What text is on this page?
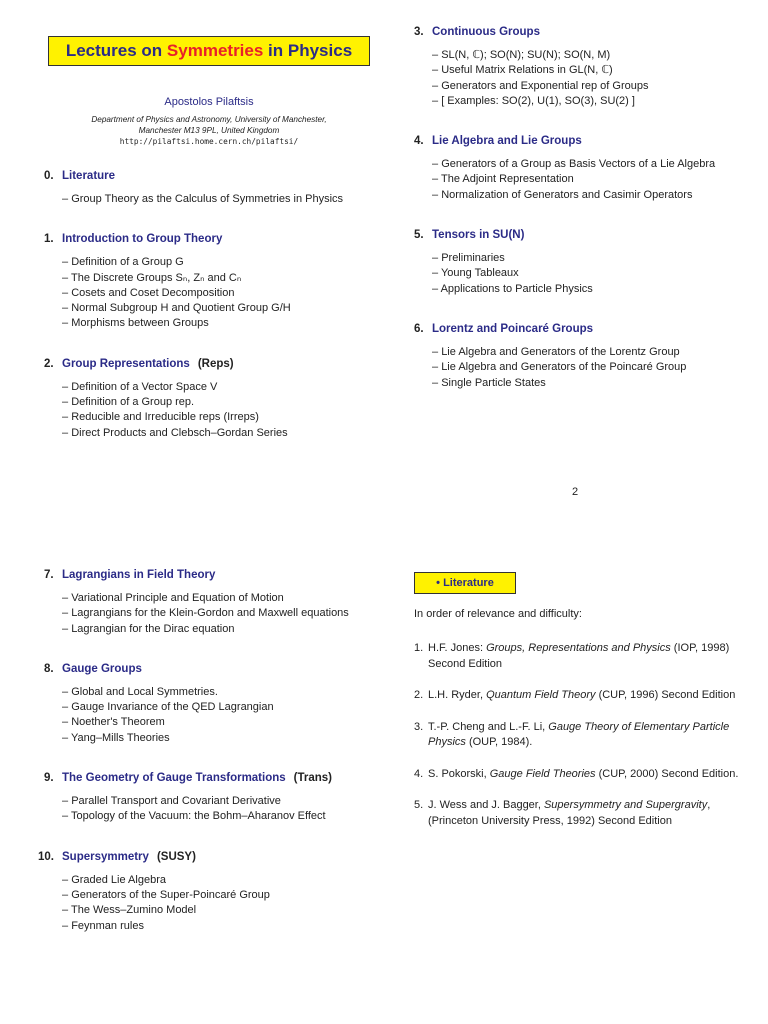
Lectures on
Symmetries
in Physics
Apostolos Pilaftsis
Department of Physics and Astronomy, University of Manchester,
Manchester M13 9PL, United Kingdom
http://pilaftsi.home.cern.ch/pilaftsi/
0. Literature
– Group Theory as the Calculus of Symmetries in Physics
1. Introduction to Group Theory
– Definition of a Group G
– The Discrete Groups Sₙ, Zₙ and Cₙ
– Cosets and Coset Decomposition
– Normal Subgroup H and Quotient Group G/H
– Morphisms between Groups
2. Group Representations (Reps)
– Definition of a Vector Space V
– Definition of a Group rep.
– Reducible and Irreducible reps (Irreps)
– Direct Products and Clebsch–Gordan Series
3. Continuous Groups
– SL(N, ℂ); SO(N); SU(N); SO(N, M)
– Useful Matrix Relations in GL(N, ℂ)
– Generators and Exponential rep of Groups
– [ Examples: SO(2), U(1), SO(3), SU(2) ]
4. Lie Algebra and Lie Groups
– Generators of a Group as Basis Vectors of a Lie Algebra
– The Adjoint Representation
– Normalization of Generators and Casimir Operators
5. Tensors in SU(N)
– Preliminaries
– Young Tableaux
– Applications to Particle Physics
6. Lorentz and Poincaré Groups
– Lie Algebra and Generators of the Lorentz Group
– Lie Algebra and Generators of the Poincaré Group
– Single Particle States
2
7. Lagrangians in Field Theory
– Variational Principle and Equation of Motion
– Lagrangians for the Klein-Gordon and Maxwell equations
– Lagrangian for the Dirac equation
8. Gauge Groups
– Global and Local Symmetries.
– Gauge Invariance of the QED Lagrangian
– Noether's Theorem
– Yang–Mills Theories
9. The Geometry of Gauge Transformations (Trans)
– Parallel Transport and Covariant Derivative
– Topology of the Vacuum: the Bohm–Aharanov Effect
10. Supersymmetry (SUSY)
– Graded Lie Algebra
– Generators of the Super-Poincaré Group
– The Wess–Zumino Model
– Feynman rules
• Literature
In order of relevance and difficulty:
1. H.F. Jones: Groups, Representations and Physics (IOP, 1998) Second Edition
2. L.H. Ryder, Quantum Field Theory (CUP, 1996) Second Edition
3. T.-P. Cheng and L.-F. Li, Gauge Theory of Elementary Particle Physics (OUP, 1984).
4. S. Pokorski, Gauge Field Theories (CUP, 2000) Second Edition.
5. J. Wess and J. Bagger, Supersymmetry and Supergravity, (Princeton University Press, 1992) Second Edition
